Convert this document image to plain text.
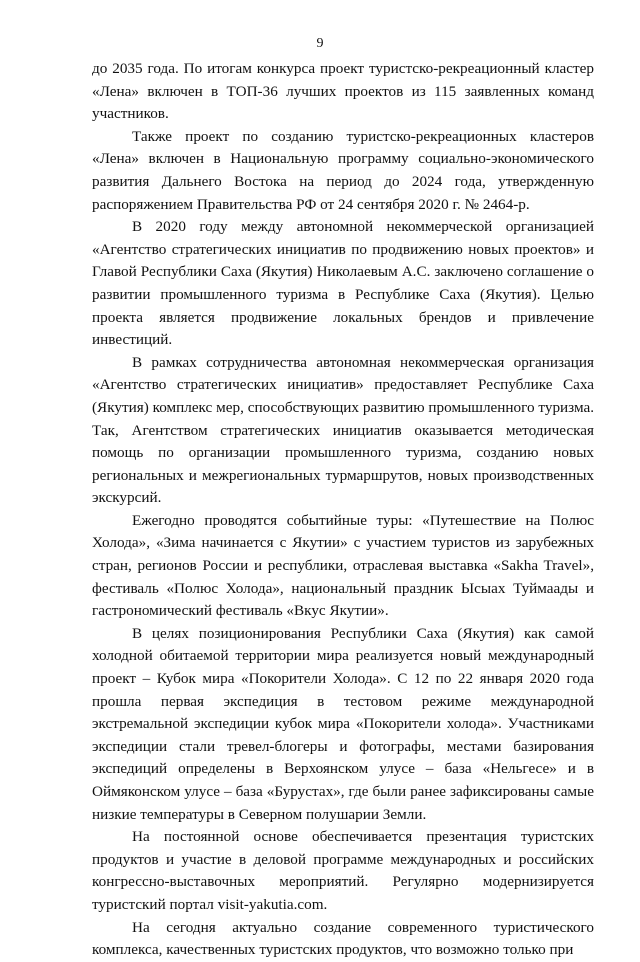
9

до 2035 года. По итогам конкурса проект туристско-рекреационный кластер «Лена» включен в ТОП-36 лучших проектов из 115 заявленных команд участников.

Также проект по созданию туристско-рекреационных кластеров «Лена» включен в Национальную программу социально-экономического развития Дальнего Востока на период до 2024 года, утвержденную распоряжением Правительства РФ от 24 сентября 2020 г. № 2464-р.

В 2020 году между автономной некоммерческой организацией «Агентство стратегических инициатив по продвижению новых проектов» и Главой Республики Саха (Якутия) Николаевым А.С. заключено соглашение о развитии промышленного туризма в Республике Саха (Якутия). Целью проекта является продвижение локальных брендов и привлечение инвестиций.

В рамках сотрудничества автономная некоммерческая организация «Агентство стратегических инициатив» предоставляет Республике Саха (Якутия) комплекс мер, способствующих развитию промышленного туризма. Так, Агентством стратегических инициатив оказывается методическая помощь по организации промышленного туризма, созданию новых региональных и межрегиональных турмаршрутов, новых производственных экскурсий.

Ежегодно проводятся событийные туры: «Путешествие на Полюс Холода», «Зима начинается с Якутии» с участием туристов из зарубежных стран, регионов России и республики, отраслевая выставка «Sakha Travel», фестиваль «Полюс Холода», национальный праздник Ысыах Туймаады и гастрономический фестиваль «Вкус Якутии».

В целях позиционирования Республики Саха (Якутия) как самой холодной обитаемой территории мира реализуется новый международный проект – Кубок мира «Покорители Холода». С 12 по 22 января 2020 года прошла первая экспедиция в тестовом режиме международной экстремальной экспедиции кубок мира «Покорители холода». Участниками экспедиции стали тревел-блогеры и фотографы, местами базирования экспедиций определены в Верхоянском улусе – база «Нельгесе» и в Оймяконском улусе – база «Бурустах», где были ранее зафиксированы самые низкие температуры в Северном полушарии Земли.

На постоянной основе обеспечивается презентация туристских продуктов и участие в деловой программе международных и российских конгрессно-выставочных мероприятий. Регулярно модернизируется туристский портал visit-yakutia.com.

На сегодня актуально создание современного туристического комплекса, качественных туристских продуктов, что возможно только при
